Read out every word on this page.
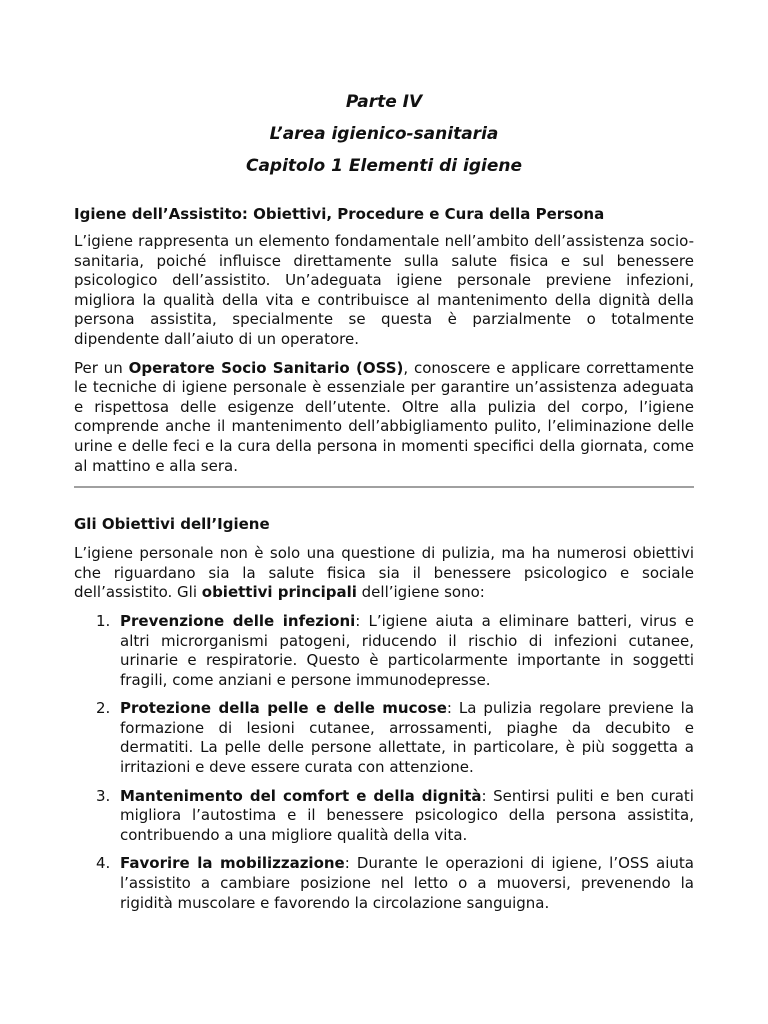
Parte IV
L’area igienico-sanitaria
Capitolo 1 Elementi di igiene
Igiene dell’Assistito: Obiettivi, Procedure e Cura della Persona

L’igiene rappresenta un elemento fondamentale nell’ambito dell’assistenza socio-sanitaria, poiché influisce direttamente sulla salute fisica e sul benessere psicologico dell’assistito. Un’adeguata igiene personale previene infezioni, migliora la qualità della vita e contribuisce al mantenimento della dignità della persona assistita, specialmente se questa è parzialmente o totalmente dipendente dall’aiuto di un operatore.

Per un Operatore Socio Sanitario (OSS), conoscere e applicare correttamente le tecniche di igiene personale è essenziale per garantire un’assistenza adeguata e rispettosa delle esigenze dell’utente. Oltre alla pulizia del corpo, l’igiene comprende anche il mantenimento dell’abbigliamento pulito, l’eliminazione delle urine e delle feci e la cura della persona in momenti specifici della giornata, come al mattino e alla sera.

Gli Obiettivi dell’Igiene

L’igiene personale non è solo una questione di pulizia, ma ha numerosi obiettivi che riguardano sia la salute fisica sia il benessere psicologico e sociale dell’assistito. Gli obiettivi principali dell’igiene sono:

1. Prevenzione delle infezioni: L’igiene aiuta a eliminare batteri, virus e altri microrganismi patogeni, riducendo il rischio di infezioni cutanee, urinarie e respiratorie. Questo è particolarmente importante in soggetti fragili, come anziani e persone immunodepresse.
2. Protezione della pelle e delle mucose: La pulizia regolare previene la formazione di lesioni cutanee, arrossamenti, piaghe da decubito e dermatiti. La pelle delle persone allettate, in particolare, è più soggetta a irritazioni e deve essere curata con attenzione.
3. Mantenimento del comfort e della dignità: Sentirsi puliti e ben curati migliora l’autostima e il benessere psicologico della persona assistita, contribuendo a una migliore qualità della vita.
4. Favorire la mobilizzazione: Durante le operazioni di igiene, l’OSS aiuta l’assistito a cambiare posizione nel letto o a muoversi, prevenendo la rigidità muscolare e favorendo la circolazione sanguigna.
